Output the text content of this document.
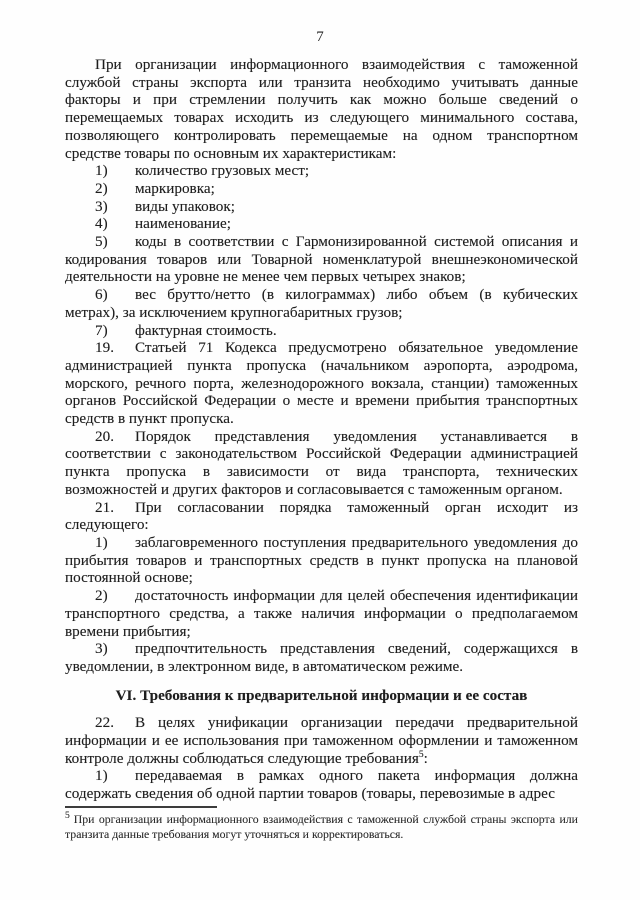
7

При организации информационного взаимодействия с таможенной службой страны экспорта или транзита необходимо учитывать данные факторы и при стремлении получить как можно больше сведений о перемещаемых товарах исходить из следующего минимального состава, позволяющего контролировать перемещаемые на одном транспортном средстве товары по основным их характеристикам:

1) количество грузовых мест;

2) маркировка;

3) виды упаковок;

4) наименование;

5) коды в соответствии с Гармонизированной системой описания и кодирования товаров или Товарной номенклатурой внешнеэкономической деятельности на уровне не менее чем первых четырех знаков;

6) вес брутто/нетто (в килограммах) либо объем (в кубических метрах), за исключением крупногабаритных грузов;

7) фактурная стоимость.

19. Статьей 71 Кодекса предусмотрено обязательное уведомление администрацией пункта пропуска (начальником аэропорта, аэродрома, морского, речного порта, железнодорожного вокзала, станции) таможенных органов Российской Федерации о месте и времени прибытия транспортных средств в пункт пропуска.

20. Порядок представления уведомления устанавливается в соответствии с законодательством Российской Федерации администрацией пункта пропуска в зависимости от вида транспорта, технических возможностей и других факторов и согласовывается с таможенным органом.

21. При согласовании порядка таможенный орган исходит из следующего:

1) заблаговременного поступления предварительного уведомления до прибытия товаров и транспортных средств в пункт пропуска на плановой постоянной основе;

2) достаточность информации для целей обеспечения идентификации транспортного средства, а также наличия информации о предполагаемом времени прибытия;

3) предпочтительность представления сведений, содержащихся в уведомлении, в электронном виде, в автоматическом режиме.

VI. Требования к предварительной информации и ее состав

22. В целях унификации организации передачи предварительной информации и ее использования при таможенном оформлении и таможенном контроле должны соблюдаться следующие требования$^5$:

1) передаваемая в рамках одного пакета информация должна содержать сведения об одной партии товаров (товары, перевозимые в адрес

$^5$ При организации информационного взаимодействия с таможенной службой страны экспорта или транзита данные требования могут уточняться и корректироваться.
